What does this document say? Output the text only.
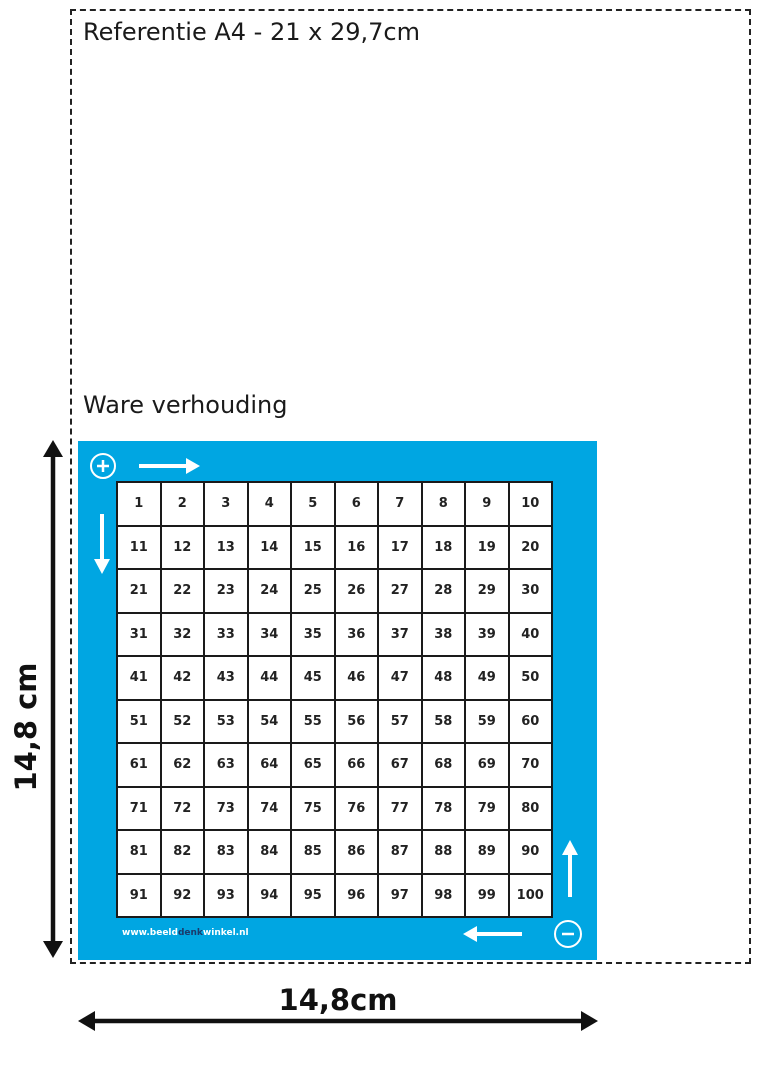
Referentie A4 - 21 x 29,7cm
Ware verhouding
1	2	3	4	5	6	7	8	9	10
11	12	13	14	15	16	17	18	19	20
21	22	23	24	25	26	27	28	29	30
31	32	33	34	35	36	37	38	39	40
41	42	43	44	45	46	47	48	49	50
51	52	53	54	55	56	57	58	59	60
61	62	63	64	65	66	67	68	69	70
71	72	73	74	75	76	77	78	79	80
81	82	83	84	85	86	87	88	89	90
91	92	93	94	95	96	97	98	99	100
www.beelddenkwinkel.nl
14,8 cm
14,8cm
